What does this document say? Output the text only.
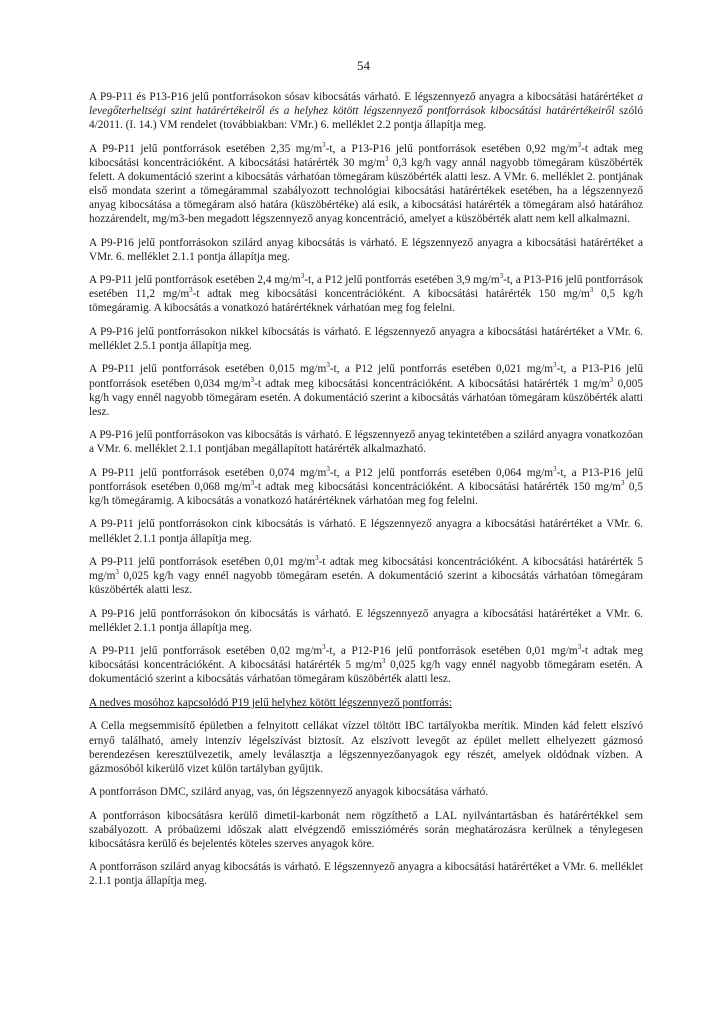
54

A P9-P11 és P13-P16 jelű pontforrásokon sósav kibocsátás várható. E légszennyező anyagra a kibocsátási határértéket a levegőterheltségi szint határértékeiről és a helyhez kötött légszennyező pontforrások kibocsátási határértékeiről szóló 4/2011. (I. 14.) VM rendelet (továbbiakban: VMr.) 6. melléklet 2.2 pontja állapítja meg.

A P9-P11 jelű pontforrások esetében 2,35 $mg/m^3-t$, a P13-P16 jelű pontforrások esetében 0,92 $mg/m^3-t$ adtak meg kibocsátási koncentrációként. A kibocsátási határérték 30 $mg/m^3$ 0,3 kg/h vagy annál nagyobb tömegáram küszöbérték felett. A dokumentáció szerint a kibocsátás várhatóan tömegáram küszöbérték alatti lesz. A VMr. 6. melléklet 2. pontjának első mondata szerint a tömegárammal szabályozott technológiai kibocsátási határértékek esetében, ha a légszennyező anyag kibocsátása a tömegáram alsó határa (küszöbértéke) alá esik, a kibocsátási határérték a tömegáram alsó határához hozzárendelt, mg/m3-ben megadott légszennyező anyag koncentráció, amelyet a küszöbérték alatt nem kell alkalmazni.

A P9-P16 jelű pontforrásokon szilárd anyag kibocsátás is várható. E légszennyező anyagra a kibocsátási határértéket a VMr. 6. melléklet 2.1.1 pontja állapítja meg.

A P9-P11 jelű pontforrások esetében 2,4 $mg/m^3-t$, a P12 jelű pontforrás esetében 3,9 $mg/m^3-t$, a P13-P16 jelű pontforrások esetében 11,2 $mg/m^3-t$ adtak meg kibocsátási koncentrációként. A kibocsátási határérték 150 $mg/m^3$ 0,5 kg/h tömegáramig. A kibocsátás a vonatkozó határértéknek várhatóan meg fog felelni.

A P9-P16 jelű pontforrásokon nikkel kibocsátás is várható. E légszennyező anyagra a kibocsátási határértéket a VMr. 6. melléklet 2.5.1 pontja állapítja meg.

A P9-P11 jelű pontforrások esetében 0,015 $mg/m^3-t$, a P12 jelű pontforrás esetében 0,021 $mg/m^3-t$, a P13-P16 jelű pontforrások esetében 0,034 $mg/m^3-t$ adtak meg kibocsátási koncentrációként. A kibocsátási határérték 1 $mg/m^3$ 0,005 kg/h vagy ennél nagyobb tömegáram esetén. A dokumentáció szerint a kibocsátás várhatóan tömegáram küszöbérték alatti lesz.

A P9-P16 jelű pontforrásokon vas kibocsátás is várható. E légszennyező anyag tekintetében a szilárd anyagra vonatkozóan a VMr. 6. melléklet 2.1.1 pontjában megállapított határérték alkalmazható.

A P9-P11 jelű pontforrások esetében 0,074 $mg/m^3-t$, a P12 jelű pontforrás esetében 0,064 $mg/m^3-t$, a P13-P16 jelű pontforrások esetében 0,068 $mg/m^3-t$ adtak meg kibocsátási koncentrációként. A kibocsátási határérték 150 $mg/m^3$ 0,5 kg/h tömegáramig. A kibocsátás a vonatkozó határértéknek várhatóan meg fog felelni.

A P9-P11 jelű pontforrásokon cink kibocsátás is várható. E légszennyező anyagra a kibocsátási határértéket a VMr. 6. melléklet 2.1.1 pontja állapítja meg.

A P9-P11 jelű pontforrások esetében 0,01 $mg/m^3-t$ adtak meg kibocsátási koncentrációként. A kibocsátási határérték 5 $mg/m^3$ 0,025 kg/h vagy ennél nagyobb tömegáram esetén. A dokumentáció szerint a kibocsátás várhatóan tömegáram küszöbérték alatti lesz.

A P9-P16 jelű pontforrásokon ón kibocsátás is várható. E légszennyező anyagra a kibocsátási határértéket a VMr. 6. melléklet 2.1.1 pontja állapítja meg.

A P9-P11 jelű pontforrások esetében 0,02 $mg/m^3-t$, a P12-P16 jelű pontforrások esetében 0,01 $mg/m^3-t$ adtak meg kibocsátási koncentrációként. A kibocsátási határérték 5 $mg/m^3$ 0,025 kg/h vagy ennél nagyobb tömegáram esetén. A dokumentáció szerint a kibocsátás várhatóan tömegáram küszöbérték alatti lesz.

A nedves mosóhoz kapcsolódó P19 jelű helyhez kötött légszennyező pontforrás:

A Cella megsemmisítő épületben a felnyitott cellákat vízzel töltött IBC tartályokba merítik. Minden kád felett elszívó ernyő található, amely intenzív légelszívást biztosít. Az elszívott levegőt az épület mellett elhelyezett gázmosó berendezésen keresztülvezetik, amely leválasztja a légszennyezőanyagok egy részét, amelyek oldódnak vízben. A gázmosóból kikerülő vizet külön tartályban gyűjtik.

A pontforráson DMC, szilárd anyag, vas, ón légszennyező anyagok kibocsátása várható.

A pontforráson kibocsátásra kerülő dimetil-karbonát nem rögzíthető a LAL nyilvántartásban és határértékkel sem szabályozott. A próbaüzemi időszak alatt elvégzendő emissziómérés során meghatározásra kerülnek a ténylegesen kibocsátásra kerülő és bejelentés köteles szerves anyagok köre.

A pontforráson szilárd anyag kibocsátás is várható. E légszennyező anyagra a kibocsátási határértéket a VMr. 6. melléklet 2.1.1 pontja állapítja meg.
